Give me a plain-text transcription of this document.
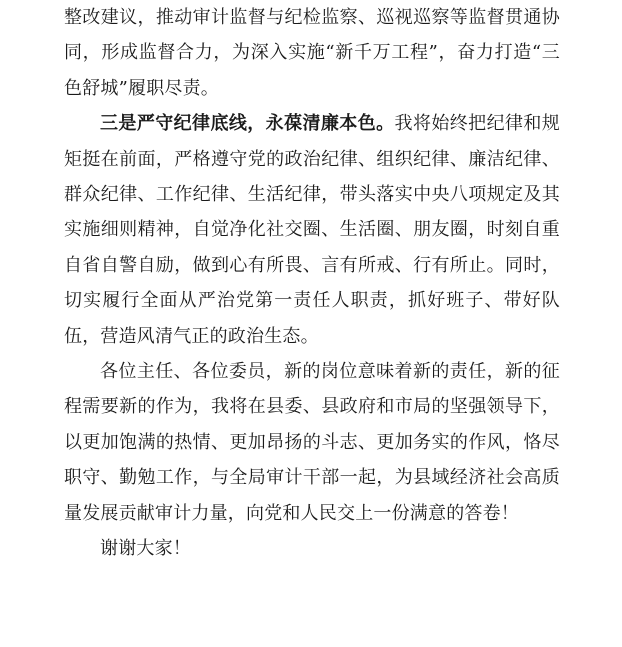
整改建议，推动审计监督与纪检监察、巡视巡察等监督贯通协同，形成监督合力，为深入实施“新千万工程”，奋力打造“三色舒城”履职尽责。

三是严守纪律底线，永葆清廉本色。我将始终把纪律和规矩挺在前面，严格遵守党的政治纪律、组织纪律、廉洁纪律、群众纪律、工作纪律、生活纪律，带头落实中央八项规定及其实施细则精神，自觉净化社交圈、生活圈、朋友圈，时刻自重自省自警自励，做到心有所畏、言有所戒、行有所止。同时，切实履行全面从严治党第一责任人职责，抓好班子、带好队伍，营造风清气正的政治生态。

各位主任、各位委员，新的岗位意味着新的责任，新的征程需要新的作为，我将在县委、县政府和市局的坚强领导下，以更加饱满的热情、更加昂扬的斗志、更加务实的作风，恪尽职守、勤勉工作，与全局审计干部一起，为县域经济社会高质量发展贡献审计力量，向党和人民交上一份满意的答卷！

谢谢大家！
